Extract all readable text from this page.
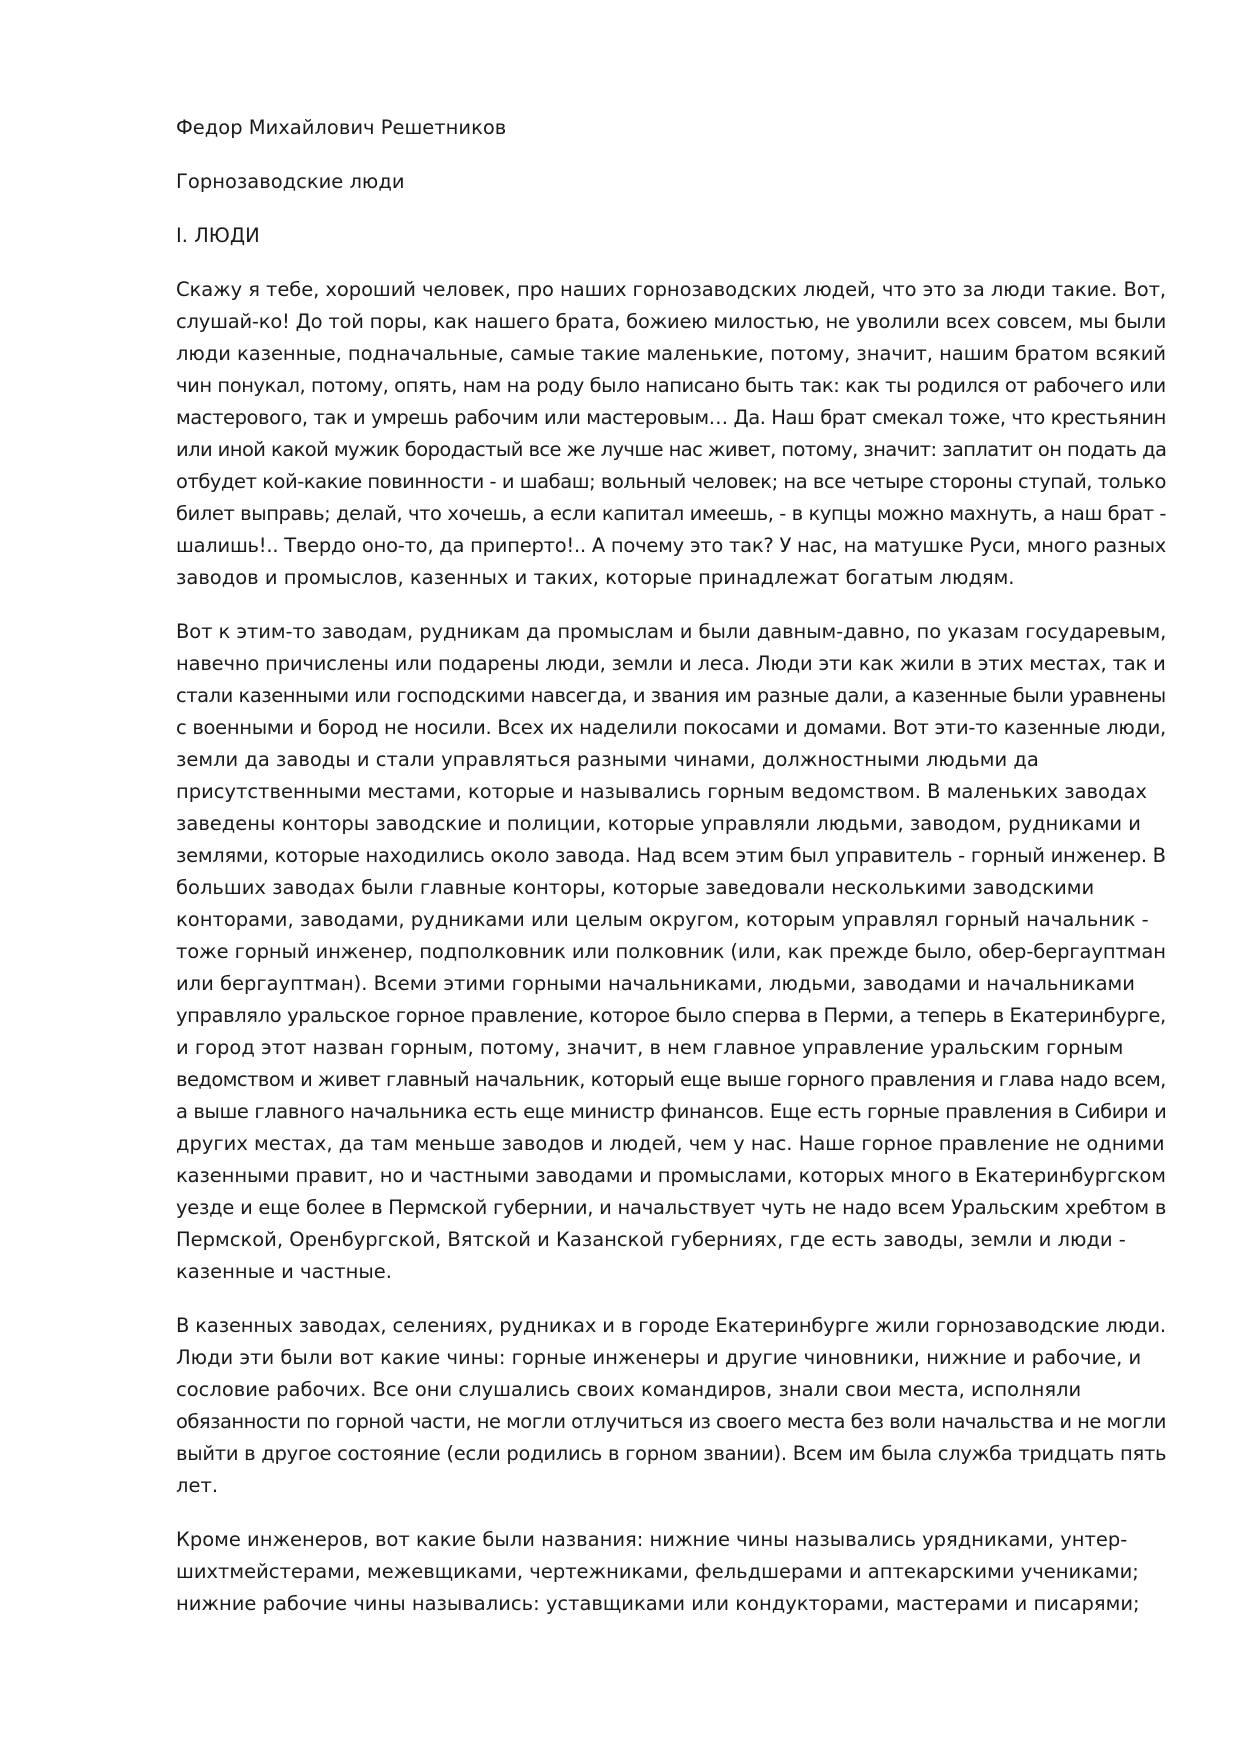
Федор Михайлович Решетников

Горнозаводские люди

I. ЛЮДИ

Скажу я тебе, хороший человек, про наших горнозаводских людей, что это за люди такие. Вот,
слушай-ко! До той поры, как нашего брата, божиею милостью, не уволили всех совсем, мы были
люди казенные, подначальные, самые такие маленькие, потому, значит, нашим братом всякий
чин понукал, потому, опять, нам на роду было написано быть так: как ты родился от рабочего или
мастерового, так и умрешь рабочим или мастеровым… Да. Наш брат смекал тоже, что крестьянин
или иной какой мужик бородастый все же лучше нас живет, потому, значит: заплатит он подать да
отбудет кой-какие повинности - и шабаш; вольный человек; на все четыре стороны ступай, только
билет выправь; делай, что хочешь, а если капитал имеешь, - в купцы можно махнуть, а наш брат -
шалишь!.. Твердо оно-то, да приперто!.. А почему это так? У нас, на матушке Руси, много разных
заводов и промыслов, казенных и таких, которые принадлежат богатым людям.
Вот к этим-то заводам, рудникам да промыслам и были давным-давно, по указам государевым,
навечно причислены или подарены люди, земли и леса. Люди эти как жили в этих местах, так и
стали казенными или господскими навсегда, и звания им разные дали, а казенные были уравнены
с военными и бород не носили. Всех их наделили покосами и домами. Вот эти-то казенные люди,
земли да заводы и стали управляться разными чинами, должностными людьми да
присутственными местами, которые и назывались горным ведомством. В маленьких заводах
заведены конторы заводские и полиции, которые управляли людьми, заводом, рудниками и
землями, которые находились около завода. Над всем этим был управитель - горный инженер. В
больших заводах были главные конторы, которые заведовали несколькими заводскими
конторами, заводами, рудниками или целым округом, которым управлял горный начальник -
тоже горный инженер, подполковник или полковник (или, как прежде было, обер-бергауптман
или бергауптман). Всеми этими горными начальниками, людьми, заводами и начальниками
управляло уральское горное правление, которое было сперва в Перми, а теперь в Екатеринбурге,
и город этот назван горным, потому, значит, в нем главное управление уральским горным
ведомством и живет главный начальник, который еще выше горного правления и глава надо всем,
а выше главного начальника есть еще министр финансов. Еще есть горные правления в Сибири и
других местах, да там меньше заводов и людей, чем у нас. Наше горное правление не одними
казенными правит, но и частными заводами и промыслами, которых много в Екатеринбургском
уезде и еще более в Пермской губернии, и начальствует чуть не надо всем Уральским хребтом в
Пермской, Оренбургской, Вятской и Казанской губерниях, где есть заводы, земли и люди -
казенные и частные.
В казенных заводах, селениях, рудниках и в городе Екатеринбурге жили горнозаводские люди.
Люди эти были вот какие чины: горные инженеры и другие чиновники, нижние и рабочие, и
сословие рабочих. Все они слушались своих командиров, знали свои места, исполняли
обязанности по горной части, не могли отлучиться из своего места без воли начальства и не могли
выйти в другое состояние (если родились в горном звании). Всем им была служба тридцать пять
лет.
Кроме инженеров, вот какие были названия: нижние чины назывались урядниками, унтер-
шихтмейстерами, межевщиками, чертежниками, фельдшерами и аптекарскими учениками;
нижние рабочие чины назывались: уставщиками или кондукторами, мастерами и писарями;
